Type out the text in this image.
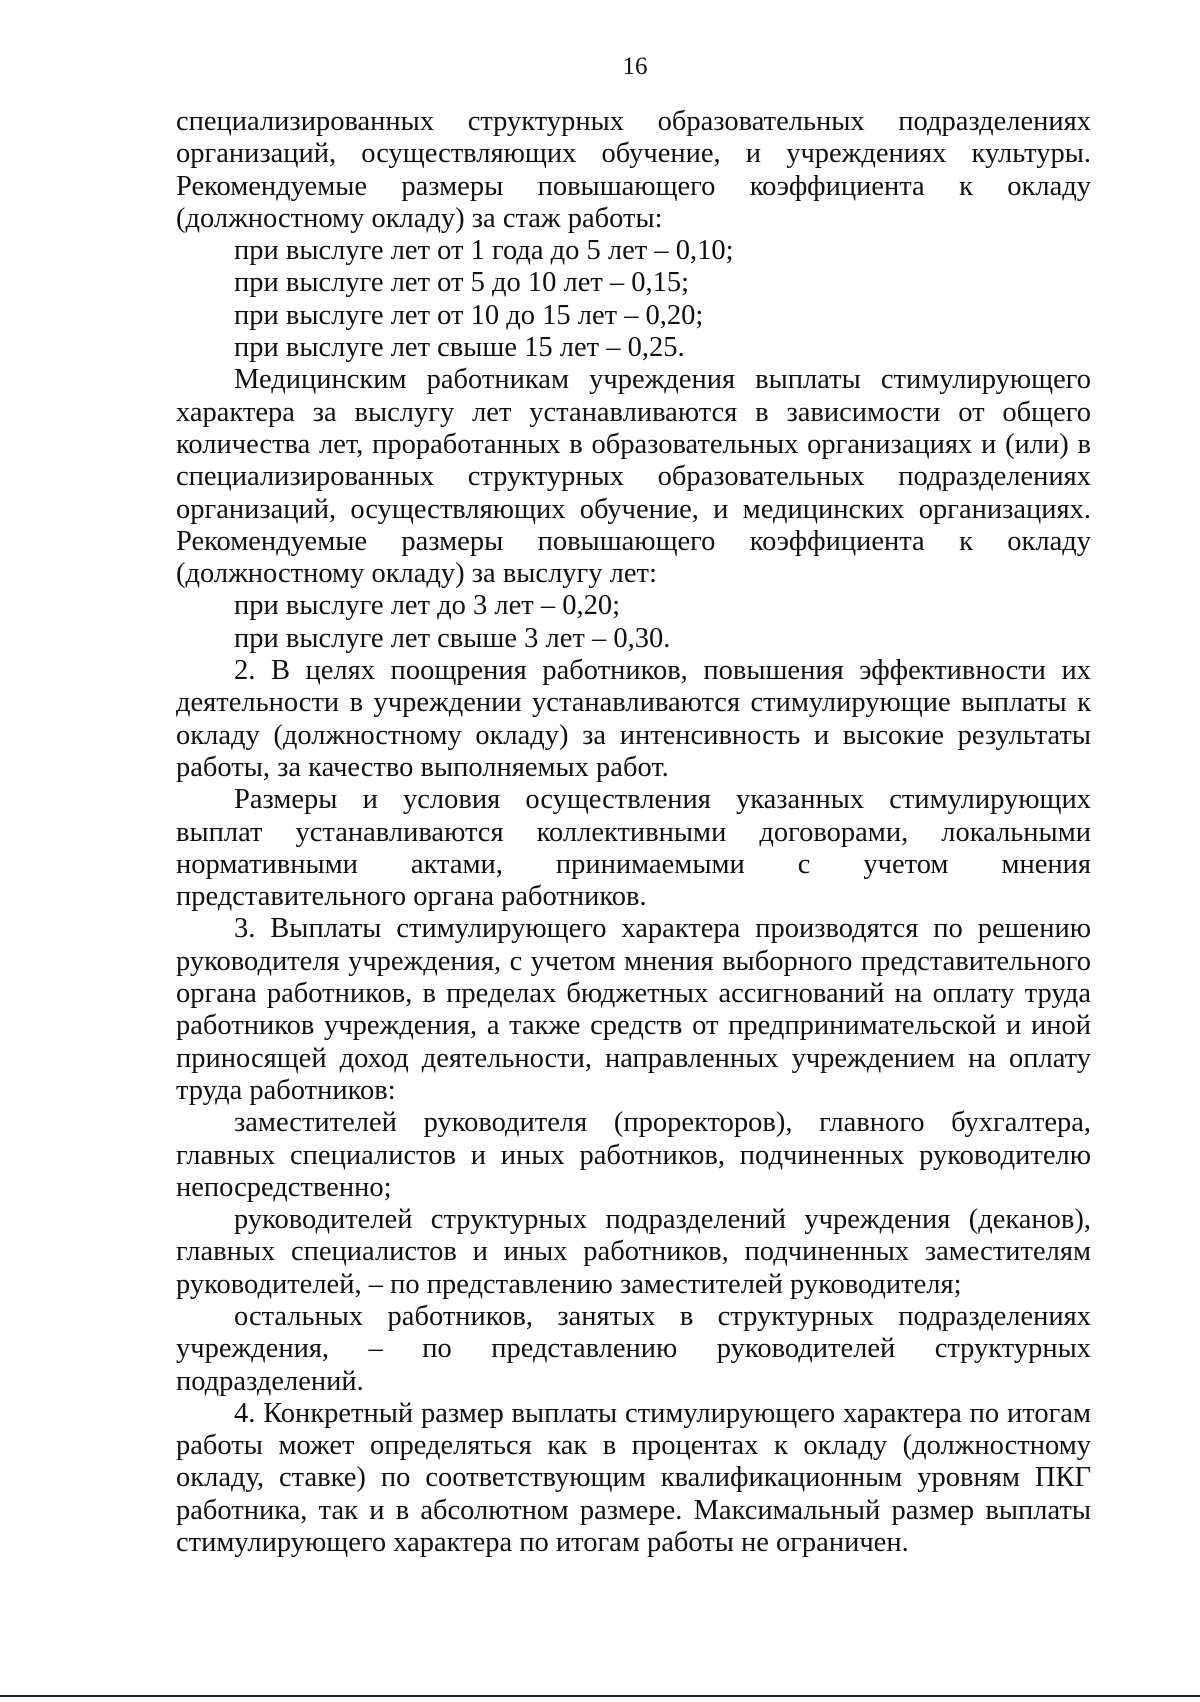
16

специализированных структурных образовательных подразделениях организаций, осуществляющих обучение, и учреждениях культуры. Рекомендуемые размеры повышающего коэффициента к окладу (должностному окладу) за стаж работы:

при выслуге лет от 1 года до 5 лет – 0,10;

при выслуге лет от 5 до 10 лет – 0,15;

при выслуге лет от 10 до 15 лет – 0,20;

при выслуге лет свыше 15 лет – 0,25.

Медицинским работникам учреждения выплаты стимулирующего характера за выслугу лет устанавливаются в зависимости от общего количества лет, проработанных в образовательных организациях и (или) в специализированных структурных образовательных подразделениях организаций, осуществляющих обучение, и медицинских организациях. Рекомендуемые размеры повышающего коэффициента к окладу (должностному окладу) за выслугу лет:

при выслуге лет до 3 лет – 0,20;

при выслуге лет свыше 3 лет – 0,30.

2. В целях поощрения работников, повышения эффективности их деятельности в учреждении устанавливаются стимулирующие выплаты к окладу (должностному окладу) за интенсивность и высокие результаты работы, за качество выполняемых работ.

Размеры и условия осуществления указанных стимулирующих выплат устанавливаются коллективными договорами, локальными нормативными актами, принимаемыми с учетом мнения представительного органа работников.

3. Выплаты стимулирующего характера производятся по решению руководителя учреждения, с учетом мнения выборного представительного органа работников, в пределах бюджетных ассигнований на оплату труда работников учреждения, а также средств от предпринимательской и иной приносящей доход деятельности, направленных учреждением на оплату труда работников:

заместителей руководителя (проректоров), главного бухгалтера, главных специалистов и иных работников, подчиненных руководителю непосредственно;

руководителей структурных подразделений учреждения (деканов), главных специалистов и иных работников, подчиненных заместителям руководителей, – по представлению заместителей руководителя;

остальных работников, занятых в структурных подразделениях учреждения, – по представлению руководителей структурных подразделений.

4. Конкретный размер выплаты стимулирующего характера по итогам работы может определяться как в процентах к окладу (должностному окладу, ставке) по соответствующим квалификационным уровням ПКГ работника, так и в абсолютном размере. Максимальный размер выплаты стимулирующего характера по итогам работы не ограничен.
